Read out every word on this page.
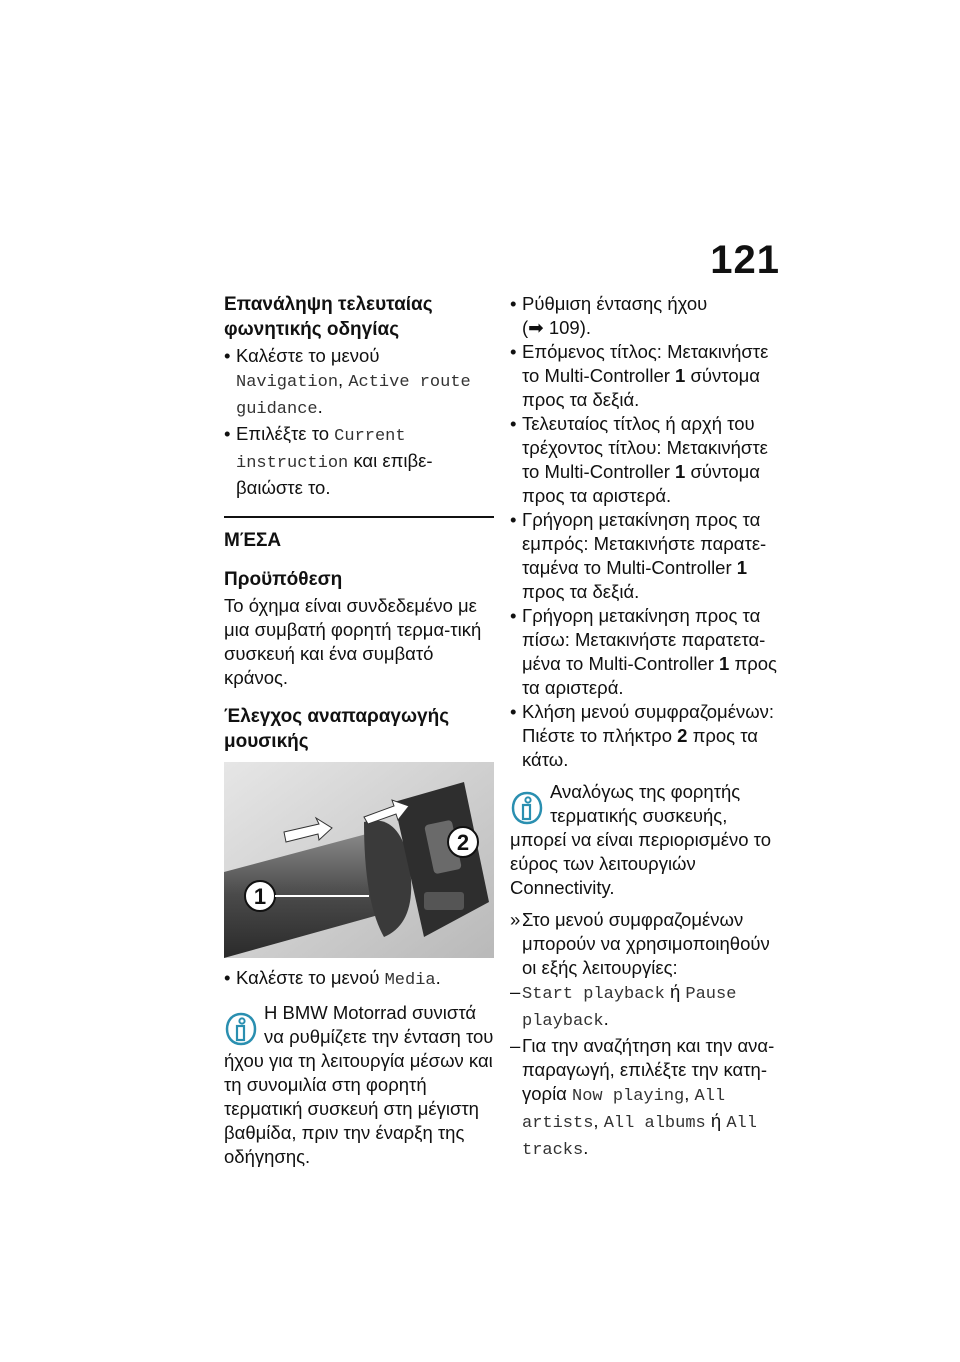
121
Επανάληψη τελευταίας
φωνητικής οδηγίας
• Καλέστε το μενού
Navigation, Active route guidance.
• Επιλέξτε το Current instruction και επιβε-βαιώστε το.
ΜΈΣΑ
Προϋπόθεση

Το όχημα είναι συνδεδεμένο με μια συμβατή φορητή τερμα-τική συσκευή και ένα συμβατό κράνος.

Έλεγχος αναπαραγωγής
μουσικής
1
2
• Καλέστε το μενού Media.
Η BMW Motorrad συνιστά να ρυθμίζετε την ένταση του ήχου για τη λειτουργία μέσων και τη συνομιλία στη φορητή τερματική συσκευή στη μέγιστη βαθμίδα, πριν την έναρξη της οδήγησης.
• Ρύθμιση έντασης ήχου
(➡ 109).
• Επόμενος τίτλος: Μετακινήστε το Multi-Controller 1 σύντομα προς τα δεξιά.
• Τελευταίος τίτλος ή αρχή του τρέχοντος τίτλου: Μετακινήστε το Multi-Controller 1 σύντομα προς τα αριστερά.
• Γρήγορη μετακίνηση προς τα εμπρός: Μετακινήστε παρατε-ταμένα το Multi-Controller 1 προς τα δεξιά.
• Γρήγορη μετακίνηση προς τα πίσω: Μετακινήστε παρατετα-μένα το Multi-Controller 1 προς τα αριστερά.
• Κλήση μενού συμφραζομένων: Πιέστε το πλήκτρο 2 προς τα κάτω.
Αναλόγως της φορητής τερματικής συσκευής, μπορεί να είναι περιορισμένο το εύρος των λειτουργιών Connectivity.
» Στο μενού συμφραζομένων μπορούν να χρησιμοποιηθούν οι εξής λειτουργίες:
– Start playback ή Pause playback.
– Για την αναζήτηση και την ανα-παραγωγή, επιλέξτε την κατη-γορία Now playing, All artists, All albums ή All tracks.
